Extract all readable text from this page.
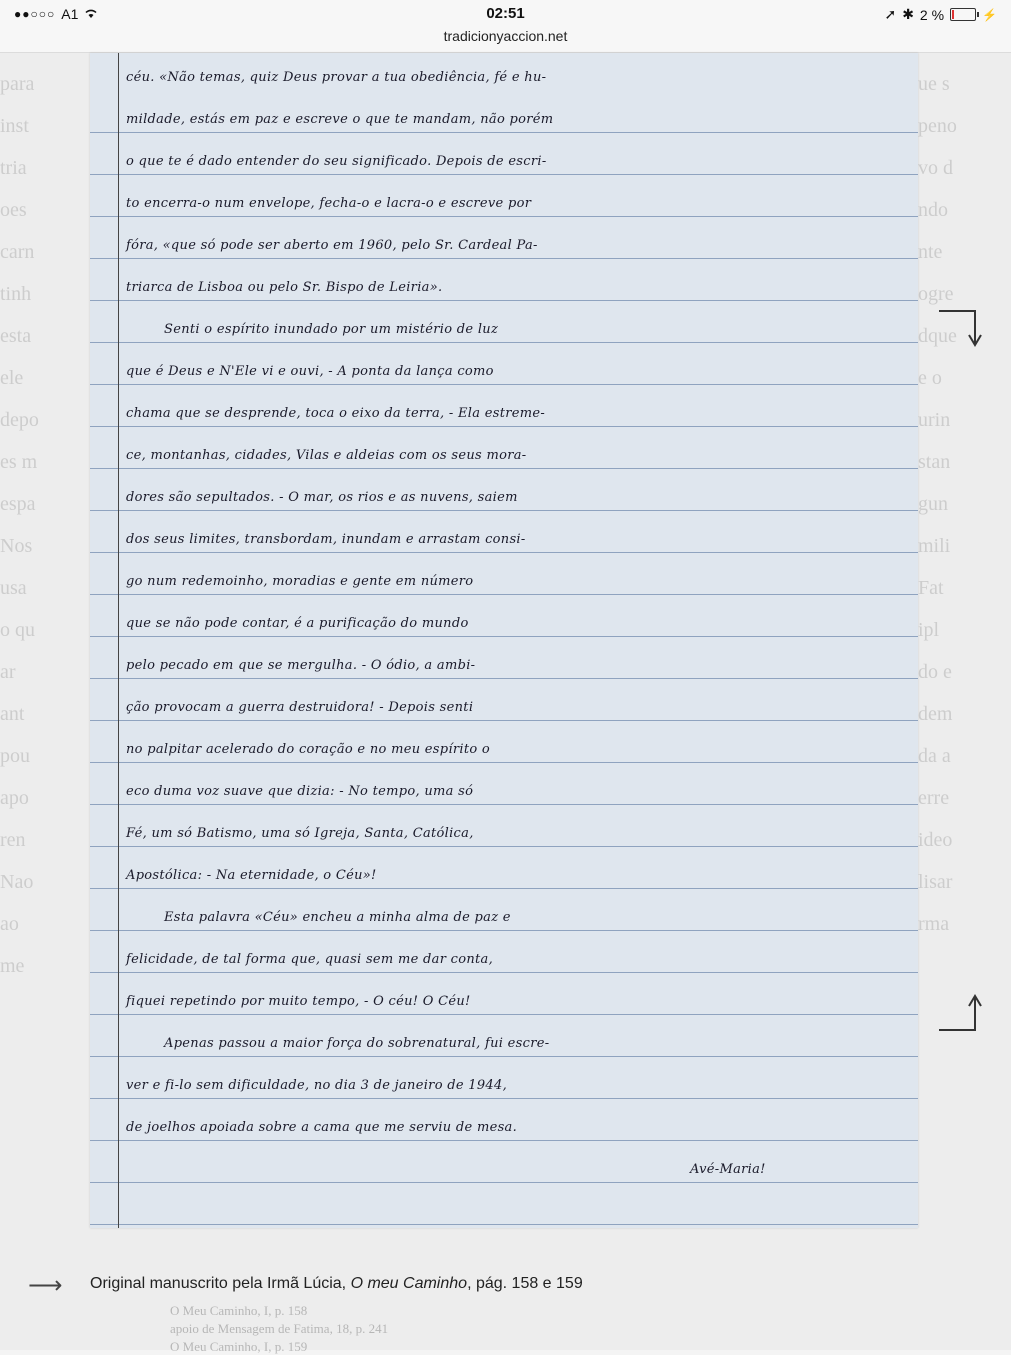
●●○○○ A1	02:51	➚ ✱ 2 %	⚡
tradicionyaccion.net
para
inst
tria
oes
carn
tinh
esta
ele
depo
es m
espa
Nos
usa
o qu
ar
ant
pou
apo
ren
Nao
ao
me
ue s
peno
vo d
ndo
nte
ogre
dque
e o
urin
stan
gun
mili
Fat
ipl
do e
dem
da a
erre
ideo
lisar
rma

céu. «Não temas, quiz Deus provar a tua obediência, fé e hu-
mildade, estás em paz e escreve o que te mandam, não porém
o que te é dado entender do seu significado. Depois de escri-
to encerra-o num envelope, fecha-o e lacra-o e escreve por
fóra, «que só pode ser aberto em 1960, pelo Sr. Cardeal Pa-
triarca de Lisboa ou pelo Sr. Bispo de Leiria».
Senti o espírito inundado por um mistério de luz
que é Deus e N'Ele vi e ouvi, - A ponta da lança como
chama que se desprende, toca o eixo da terra, - Ela estreme-
ce, montanhas, cidades, Vilas e aldeias com os seus mora-
dores são sepultados. - O mar, os rios e as nuvens, saiem
dos seus limites, transbordam, inundam e arrastam consi-
go num redemoinho, moradias e gente em número
que se não pode contar, é a purificação do mundo
pelo pecado em que se mergulha. - O ódio, a ambi-
ção provocam a guerra destruidora! - Depois senti
no palpitar acelerado do coração e no meu espírito o
eco duma voz suave que dizia: - No tempo, uma só
Fé, um só Batismo, uma só Igreja, Santa, Católica,
Apostólica: - Na eternidade, o Céu»!
Esta palavra «Céu» encheu a minha alma de paz e
felicidade, de tal forma que, quasi sem me dar conta,
fiquei repetindo por muito tempo, - O céu! O Céu!
Apenas passou a maior força do sobrenatural, fui escre-
ver e fi-lo sem dificuldade, no dia 3 de janeiro de 1944,
de joelhos apoiada sobre a cama que me serviu de mesa.
Avé-Maria!
⟶ Original manuscrito pela Irmã Lúcia, O meu Caminho, pág. 158 e 159
O Meu Caminho, I, p. 158
apoio de Mensagem de Fatima, 18, p. 241
O Meu Caminho, I, p. 159
